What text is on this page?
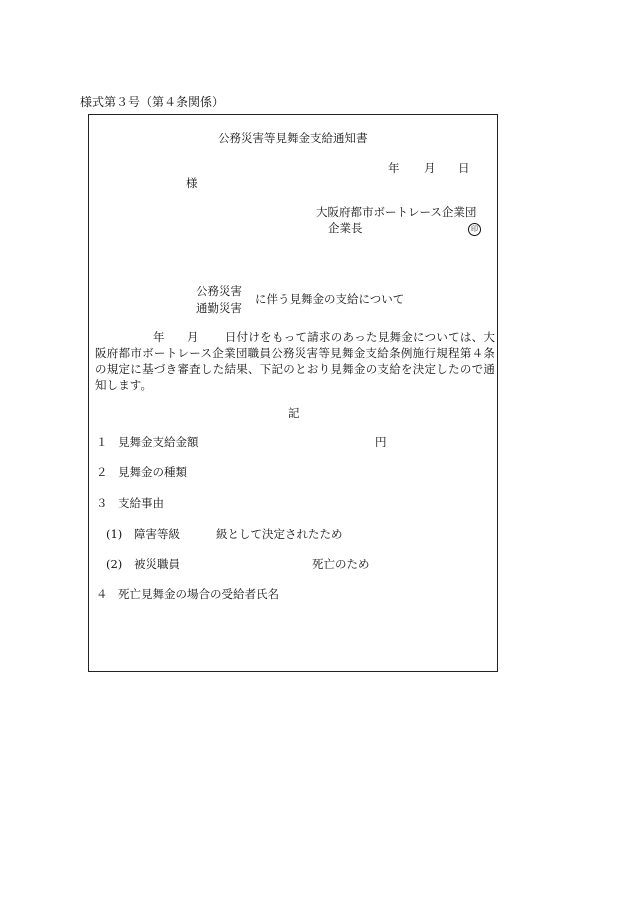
様式第３号（第４条関係）
公務災害等見舞金支給通知書
年 月 日
様
大阪府都市ボートレース企業団
企業長	印
公務災害
通勤災害
に伴う見舞金の支給について
年 月 日付けをもって請求のあった見舞金については、大阪府都市ボートレース企業団職員公務災害等見舞金支給条例施行規程第４条の規定に基づき審査した結果、下記のとおり見舞金の支給を決定したので通知します。
記
１ 見舞金支給金額	円
２ 見舞金の種類
３ 支給事由
(1) 障害等級	級として決定されたため
(2) 被災職員	死亡のため
４ 死亡見舞金の場合の受給者氏名
